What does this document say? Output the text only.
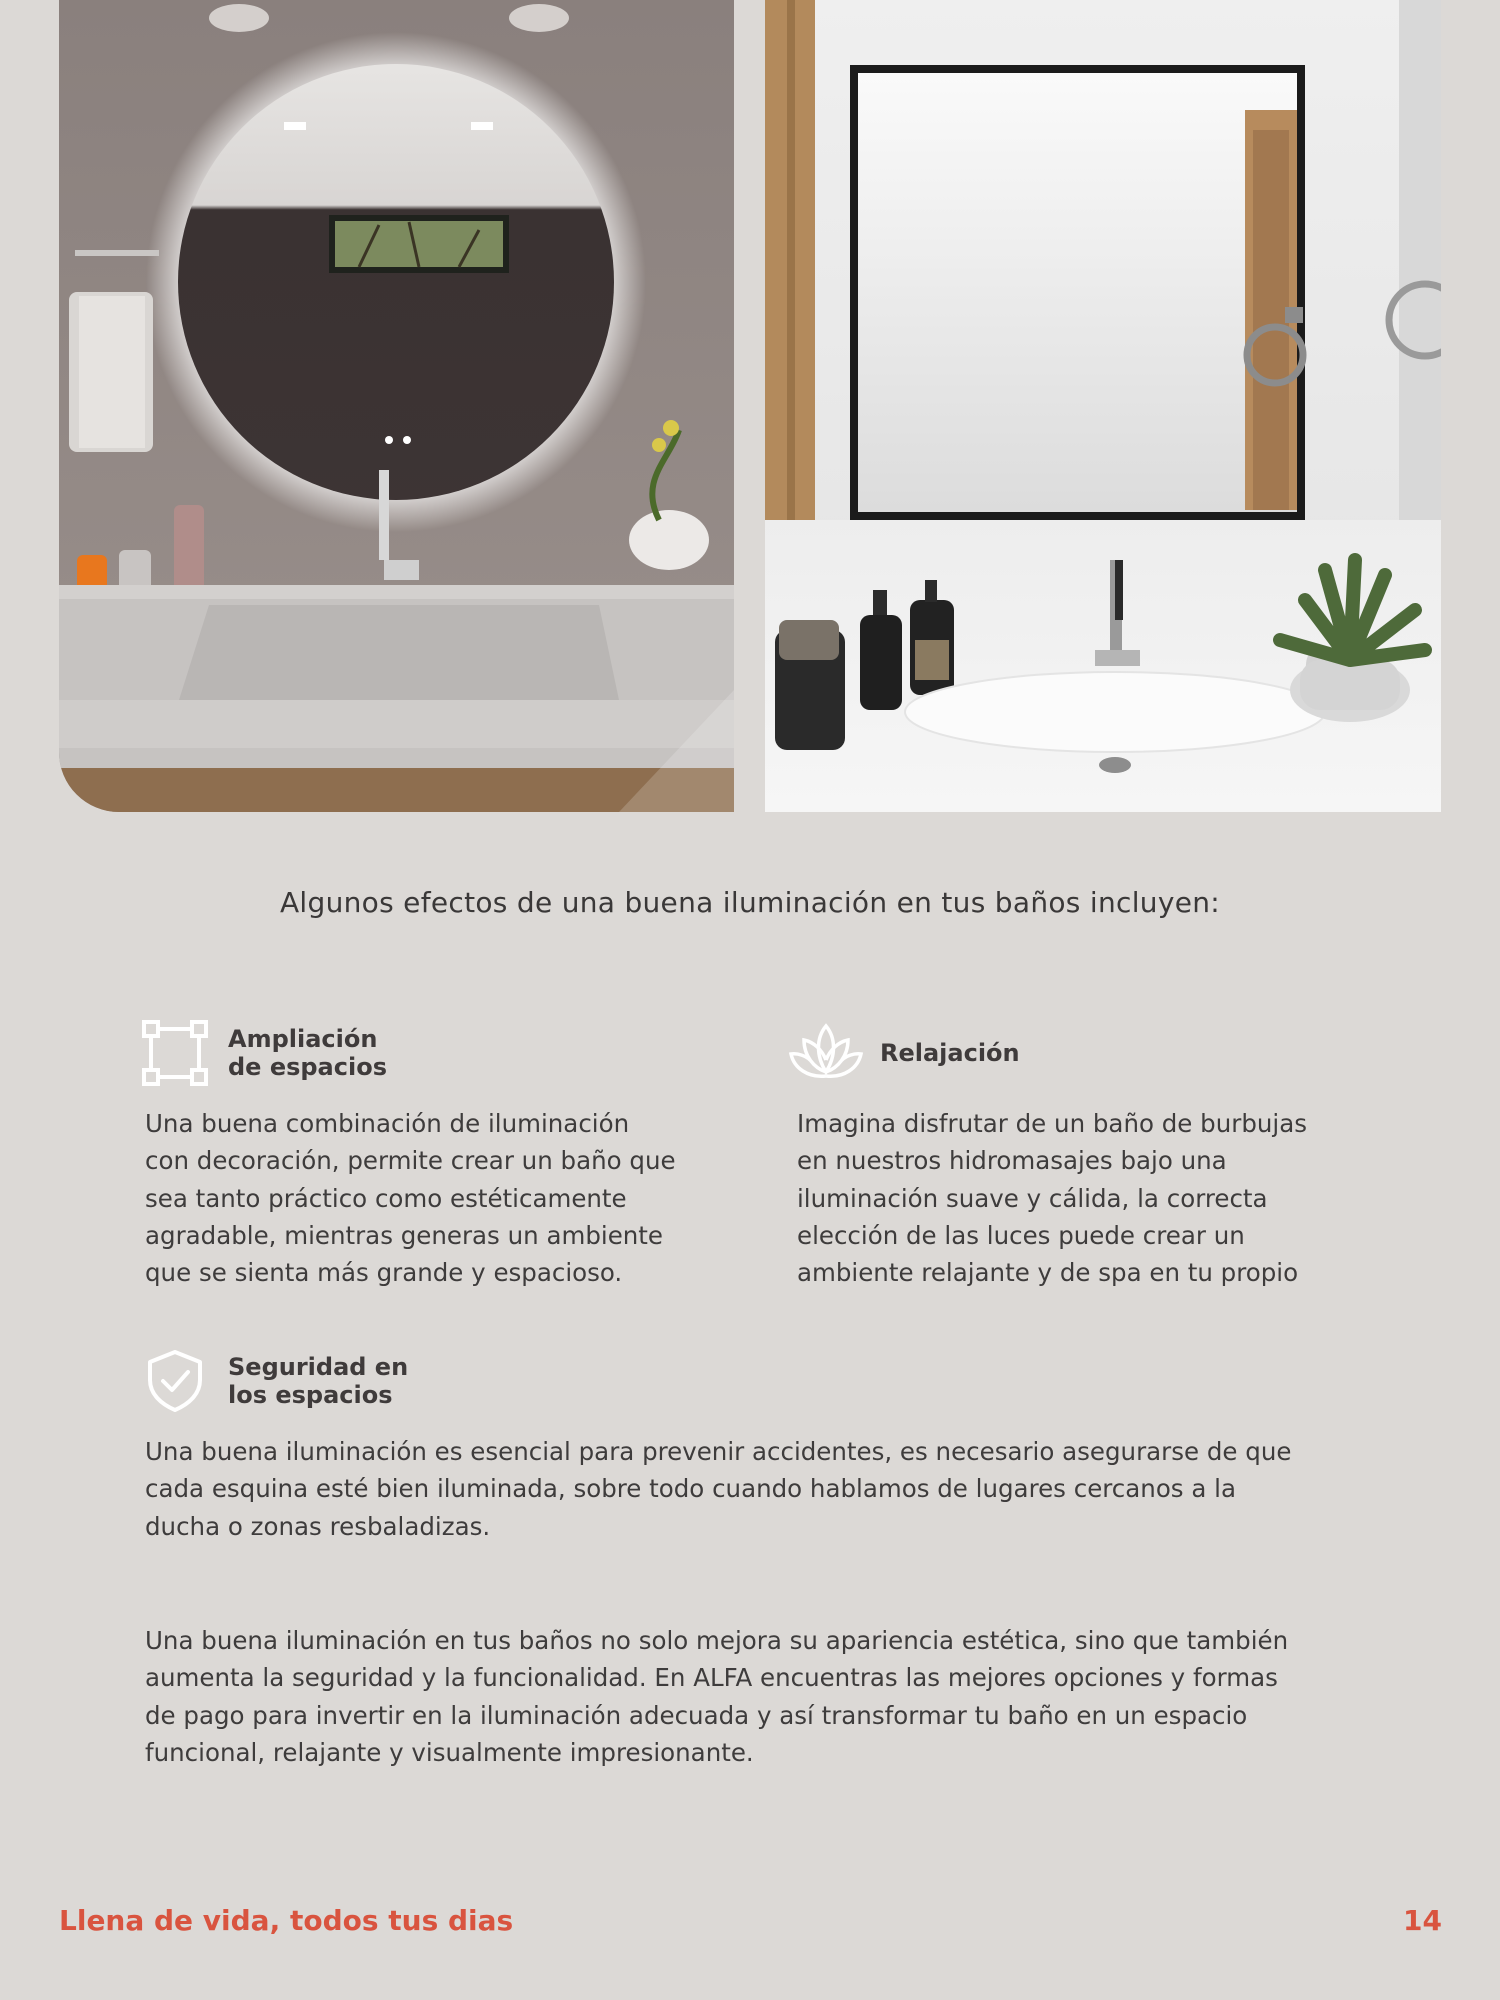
Algunos efectos de una buena iluminación en tus baños incluyen:

Ampliación
de espacios

Una buena combinación de iluminación
con decoración, permite crear un baño que
sea tanto práctico como estéticamente
agradable, mientras generas un ambiente
que se sienta más grande y espacioso.

Relajación

Imagina disfrutar de un baño de burbujas
en nuestros hidromasajes bajo una
iluminación suave y cálida, la correcta
elección de las luces puede crear un
ambiente relajante y de spa en tu propio

Seguridad en
los espacios

Una buena iluminación es esencial para prevenir accidentes, es necesario asegurarse de que
cada esquina esté bien iluminada, sobre todo cuando hablamos de lugares cercanos a la
ducha o zonas resbaladizas.

Una buena iluminación en tus baños no solo mejora su apariencia estética, sino que también
aumenta la seguridad y la funcionalidad. En ALFA encuentras las mejores opciones y formas
de pago para invertir en la iluminación adecuada y así transformar tu baño en un espacio
funcional, relajante y visualmente impresionante.

Llena de vida, todos tus dias	14
